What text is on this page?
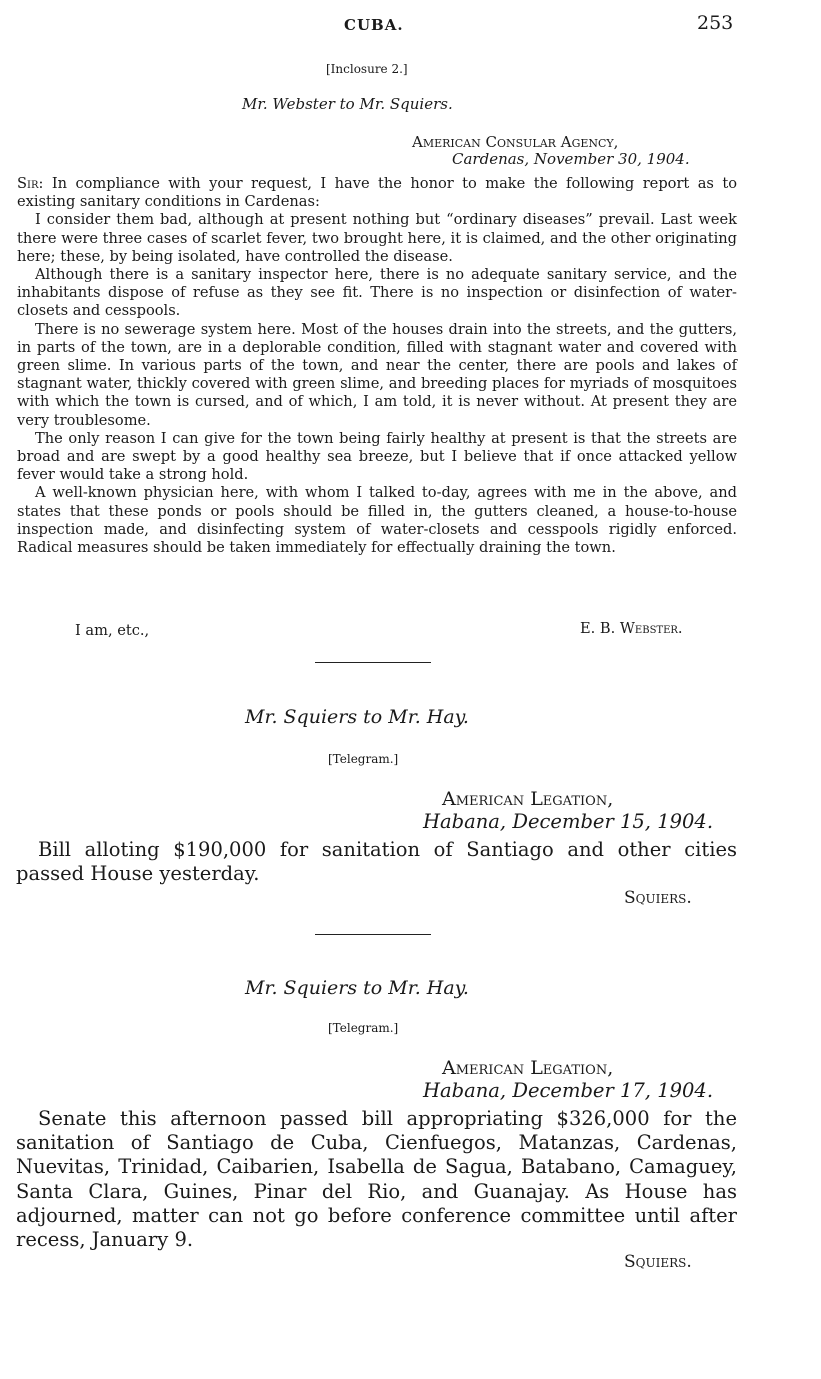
CUBA.	253
[Inclosure 2.]
Mr. Webster to Mr. Squiers.
American Consular Agency,
Cardenas, November 30, 1904.

Sir: In compliance with your request, I have the honor to make the following report as to existing sanitary conditions in Cardenas:

I consider them bad, although at present nothing but “ordinary diseases” prevail. Last week there were three cases of scarlet fever, two brought here, it is claimed, and the other originating here; these, by being isolated, have controlled the disease.

Although there is a sanitary inspector here, there is no adequate sanitary service, and the inhabitants dispose of refuse as they see fit. There is no inspection or disinfection of water-closets and cesspools.

There is no sewerage system here. Most of the houses drain into the streets, and the gutters, in parts of the town, are in a deplorable condition, filled with stagnant water and covered with green slime. In various parts of the town, and near the center, there are pools and lakes of stagnant water, thickly covered with green slime, and breeding places for myriads of mosquitoes with which the town is cursed, and of which, I am told, it is never without. At present they are very troublesome.

The only reason I can give for the town being fairly healthy at present is that the streets are broad and are swept by a good healthy sea breeze, but I believe that if once attacked yellow fever would take a strong hold.

A well-known physician here, with whom I talked to-day, agrees with me in the above, and states that these ponds or pools should be filled in, the gutters cleaned, a house-to-house inspection made, and disinfecting system of water-closets and cesspools rigidly enforced. Radical measures should be taken immediately for effectually draining the town.

I am, etc.,	E. B. Webster.
Mr. Squiers to Mr. Hay.
[Telegram.]
American Legation,
Habana, December 15, 1904.

Bill alloting $190,000 for sanitation of Santiago and other cities passed House yesterday.

Squiers.
Mr. Squiers to Mr. Hay.
[Telegram.]
American Legation,
Habana, December 17, 1904.

Senate this afternoon passed bill appropriating $326,000 for the sanitation of Santiago de Cuba, Cienfuegos, Matanzas, Cardenas, Nuevitas, Trinidad, Caibarien, Isabella de Sagua, Batabano, Camaguey, Santa Clara, Guines, Pinar del Rio, and Guanajay. As House has adjourned, matter can not go before conference committee until after recess, January 9.

Squiers.
